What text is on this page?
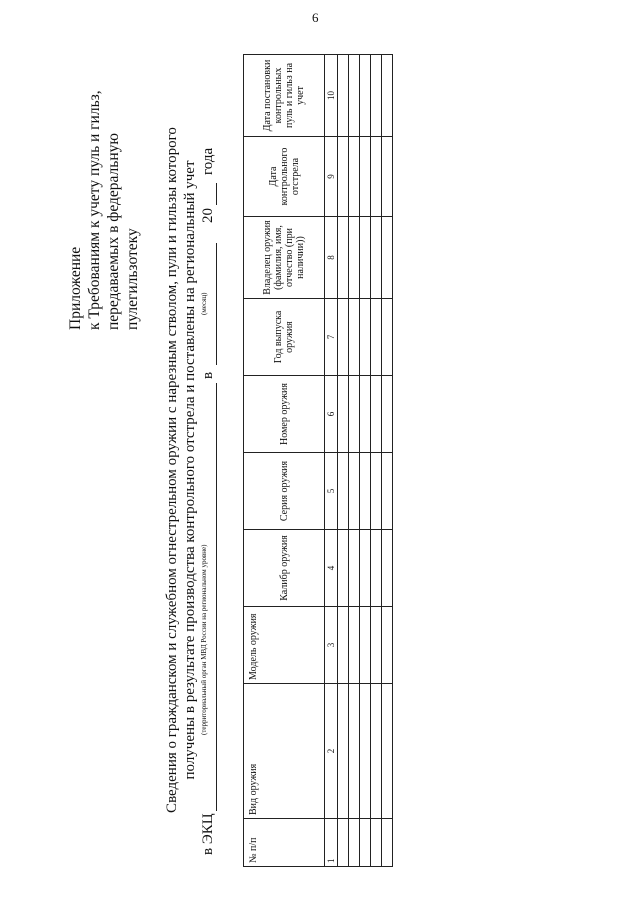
6
Приложение к Требованиям к учету пуль и гильз, передаваемых в федеральную пулегильзотеку Сведения о гражданском и служебном огнестрельном оружии с нарезным стволом, пули и гильзы которого получены в результате производства контрольного отстрела и поставлены на региональный учет
в ЭКЦ
(территориальный орган МВД России на региональном уровне)
в
(месяц)
20
года
№ п/п	Вид оружия	Модель оружия	Калибр оружия	Серия оружия	Номер оружия	Год выпуска оружия	Владелец оружия (фамилия, имя, отчество (при наличии))	Дата контрольного отстрела	Дата постановки контрольных пуль и гильз на учет
1	2	3	4	5	6	7	8	9	10
